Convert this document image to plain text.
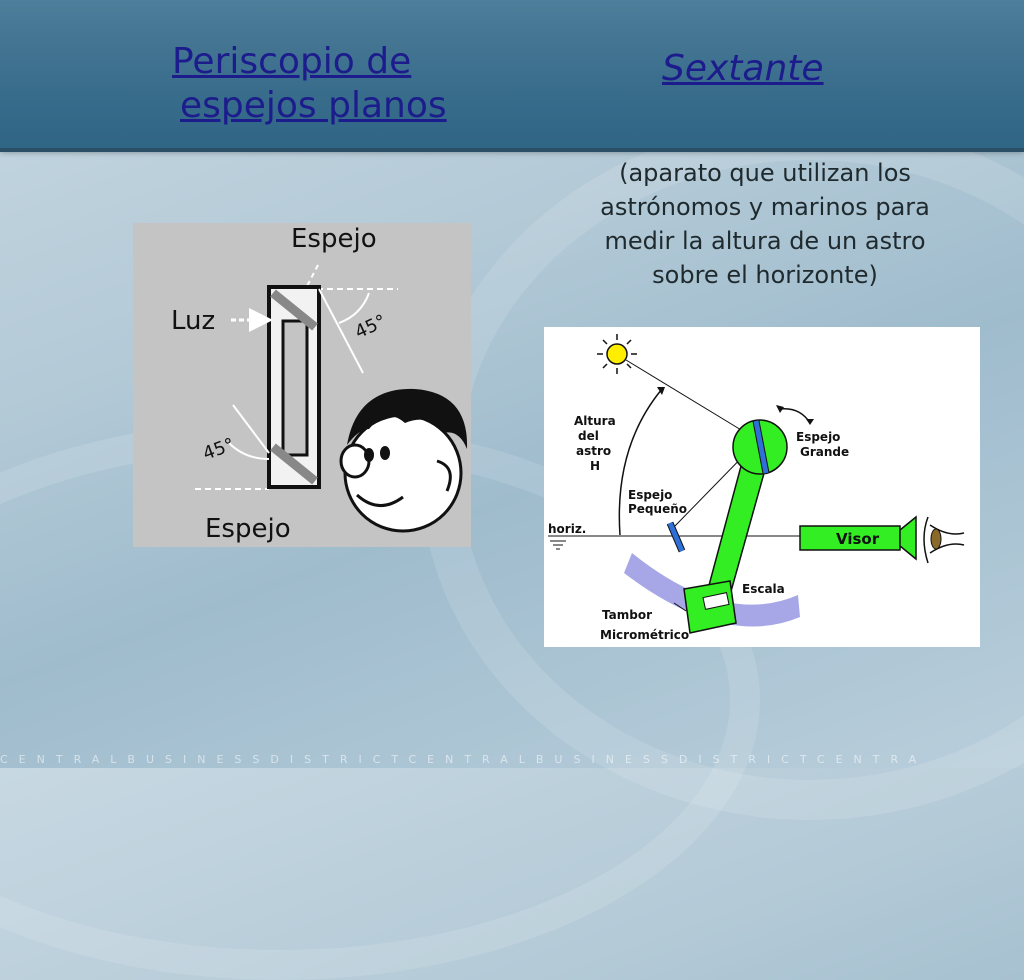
Periscopio de
espejos planos
Sextante

(aparato que utilizan los astrónomos y marinos para medir la altura de un astro sobre el horizonte)

Espejo
Luz	45°
45°
Espejo
Altura
del
astro
H
Espejo
Grande
Espejo
Pequeño
horiz.
Escala
Tambor
Micrométrico
Visor
CENTRALBUSINESSDISTRICTCENTRALBUSINESSDISTRICTCENTRA
